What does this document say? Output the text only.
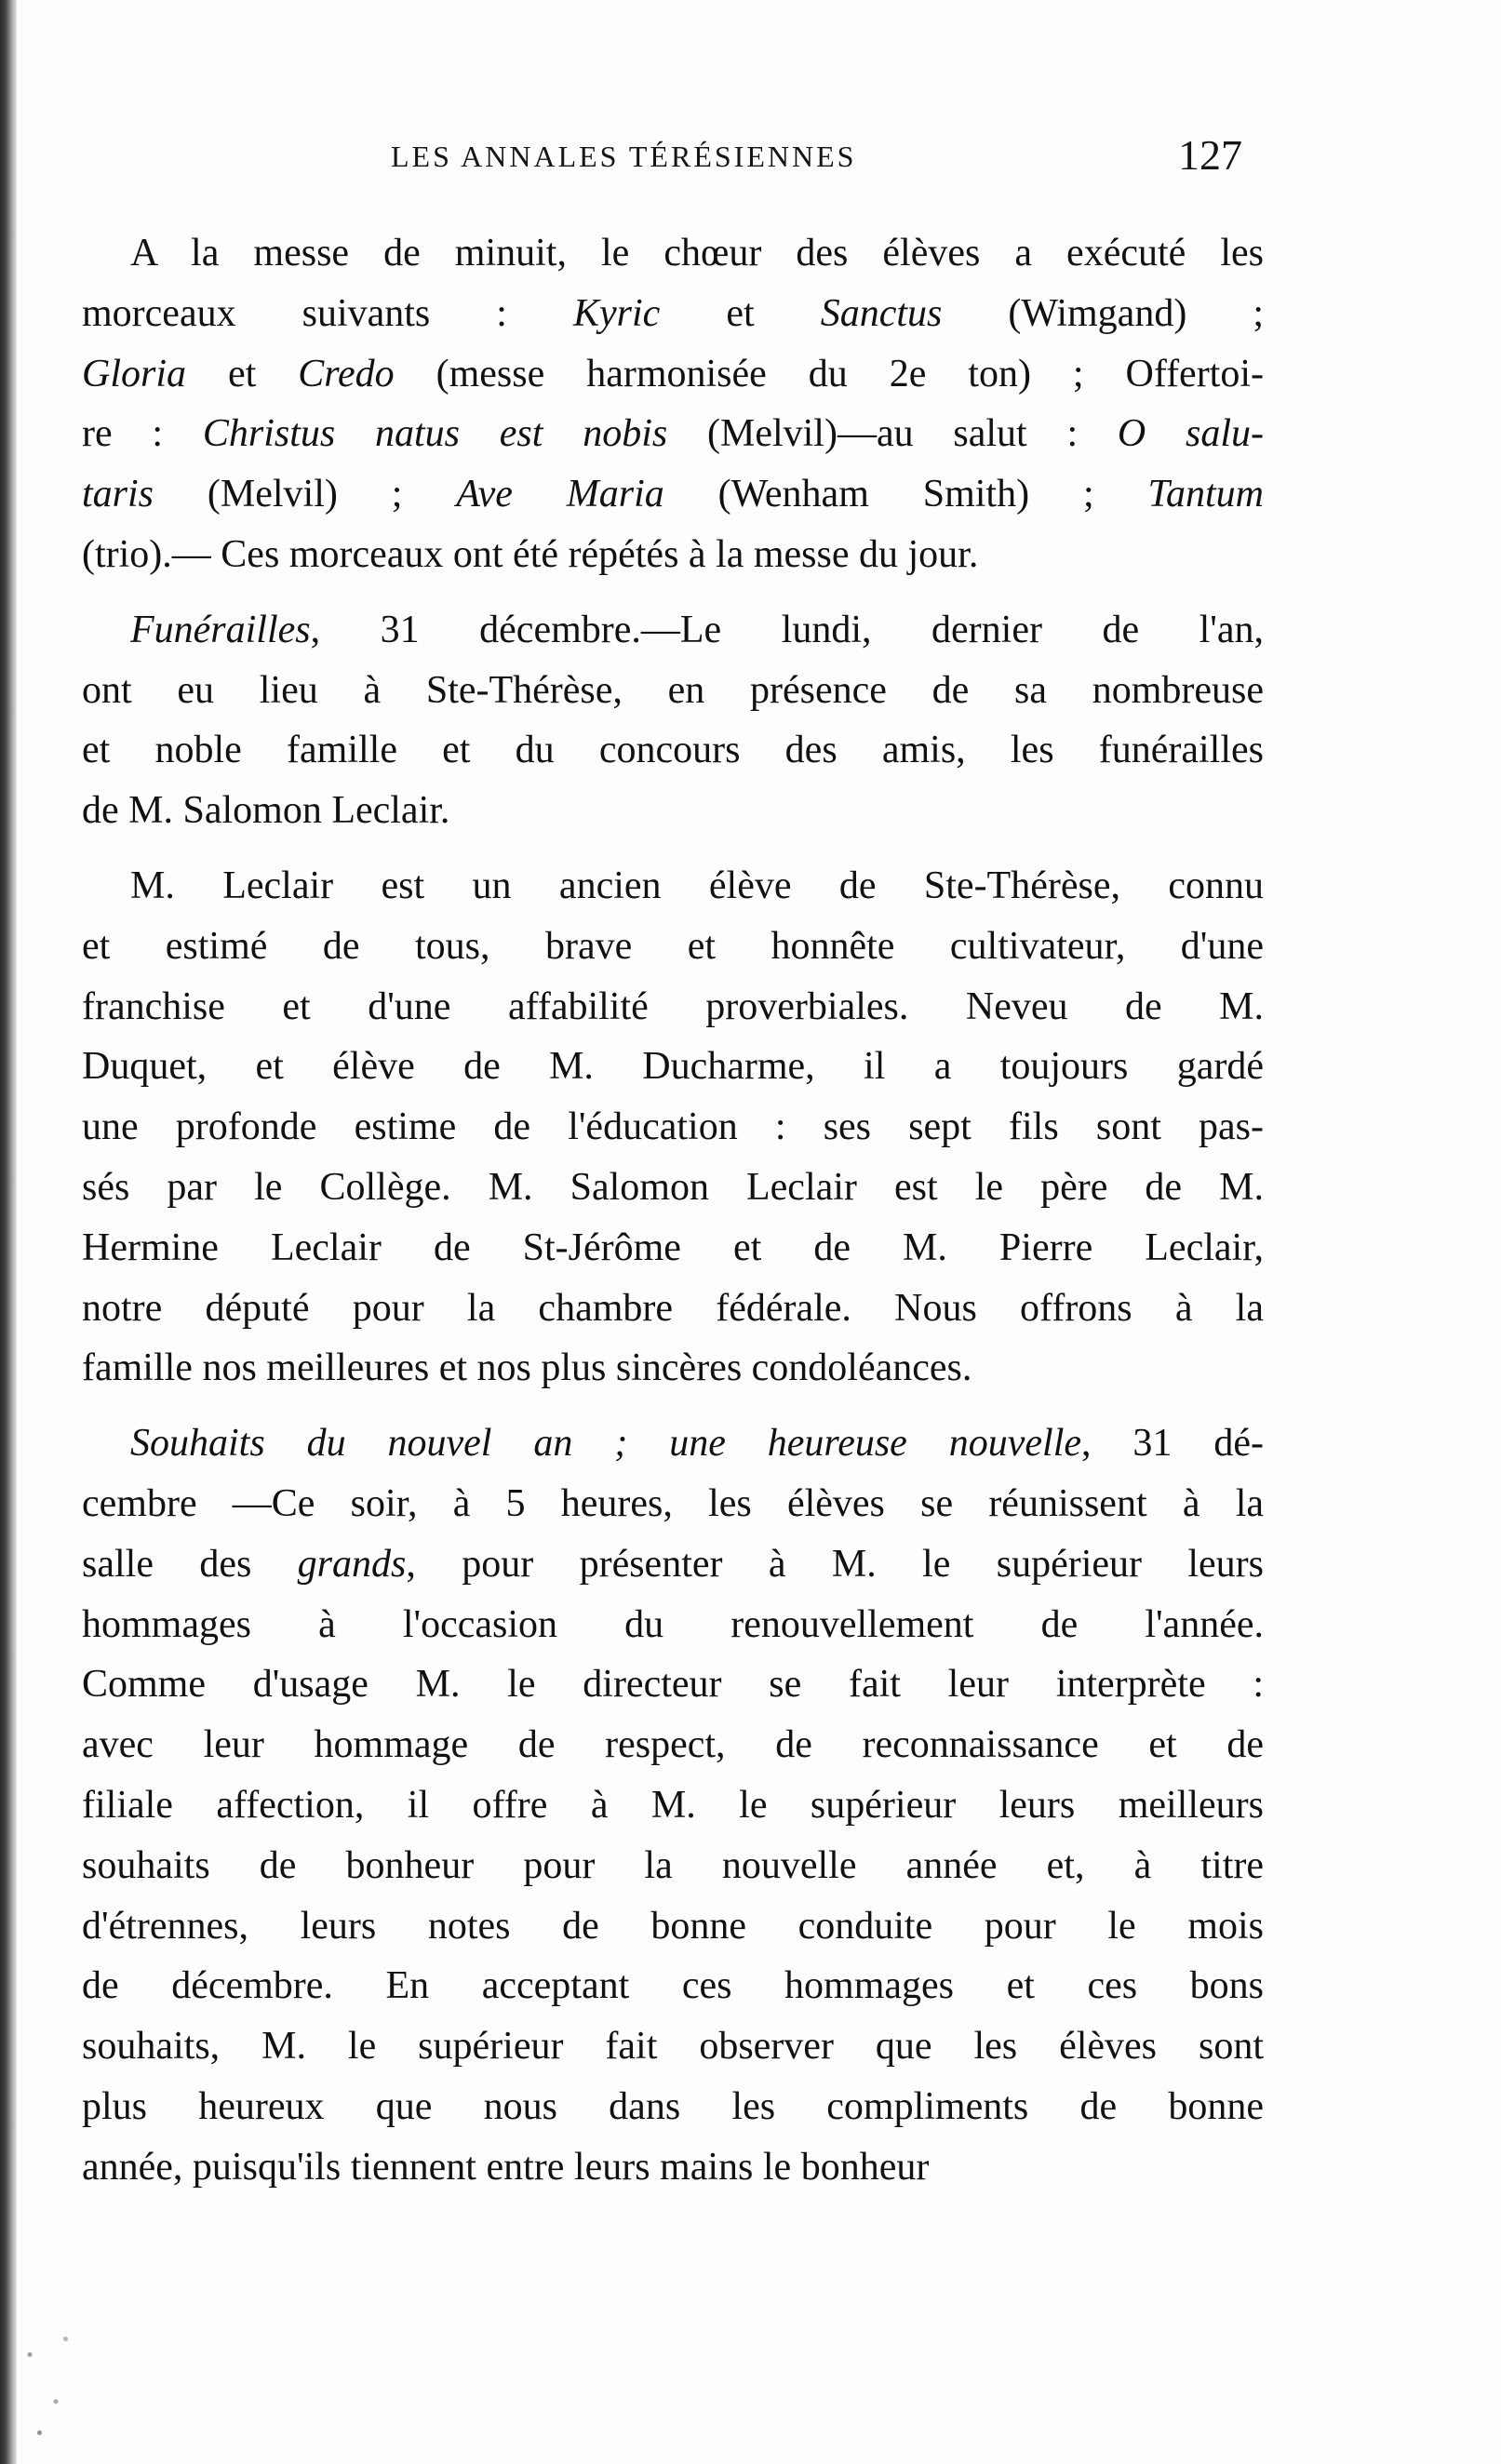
LES ANNALES TÉRÉSIENNES	127
A la messe de minuit, le chœur des élèves a exécuté les
morceaux suivants : Kyric et Sanctus (Wimgand) ;
Gloria et Credo (messe harmonisée du 2e ton) ; Offertoi-
re : Christus natus est nobis (Melvil)—au salut : O salu-
taris (Melvil) ; Ave Maria (Wenham Smith) ; Tantum
(trio).— Ces morceaux ont été répétés à la messe du jour.
Funérailles, 31 décembre.—Le lundi, dernier de l'an,
ont eu lieu à Ste-Thérèse, en présence de sa nombreuse
et noble famille et du concours des amis, les funérailles
de M. Salomon Leclair.
M. Leclair est un ancien élève de Ste-Thérèse, connu
et estimé de tous, brave et honnête cultivateur, d'une
franchise et d'une affabilité proverbiales. Neveu de M.
Duquet, et élève de M. Ducharme, il a toujours gardé
une profonde estime de l'éducation : ses sept fils sont pas-
sés par le Collège. M. Salomon Leclair est le père de M.
Hermine Leclair de St-Jérôme et de M. Pierre Leclair,
notre député pour la chambre fédérale. Nous offrons à la
famille nos meilleures et nos plus sincères condoléances.
Souhaits du nouvel an ; une heureuse nouvelle, 31 dé-
cembre —Ce soir, à 5 heures, les élèves se réunissent à la
salle des grands, pour présenter à M. le supérieur leurs
hommages à l'occasion du renouvellement de l'année.
Comme d'usage M. le directeur se fait leur interprète :
avec leur hommage de respect, de reconnaissance et de
filiale affection, il offre à M. le supérieur leurs meilleurs
souhaits de bonheur pour la nouvelle année et, à titre
d'étrennes, leurs notes de bonne conduite pour le mois
de décembre. En acceptant ces hommages et ces bons
souhaits, M. le supérieur fait observer que les élèves sont
plus heureux que nous dans les compliments de bonne
année, puisqu'ils tiennent entre leurs mains le bonheur
